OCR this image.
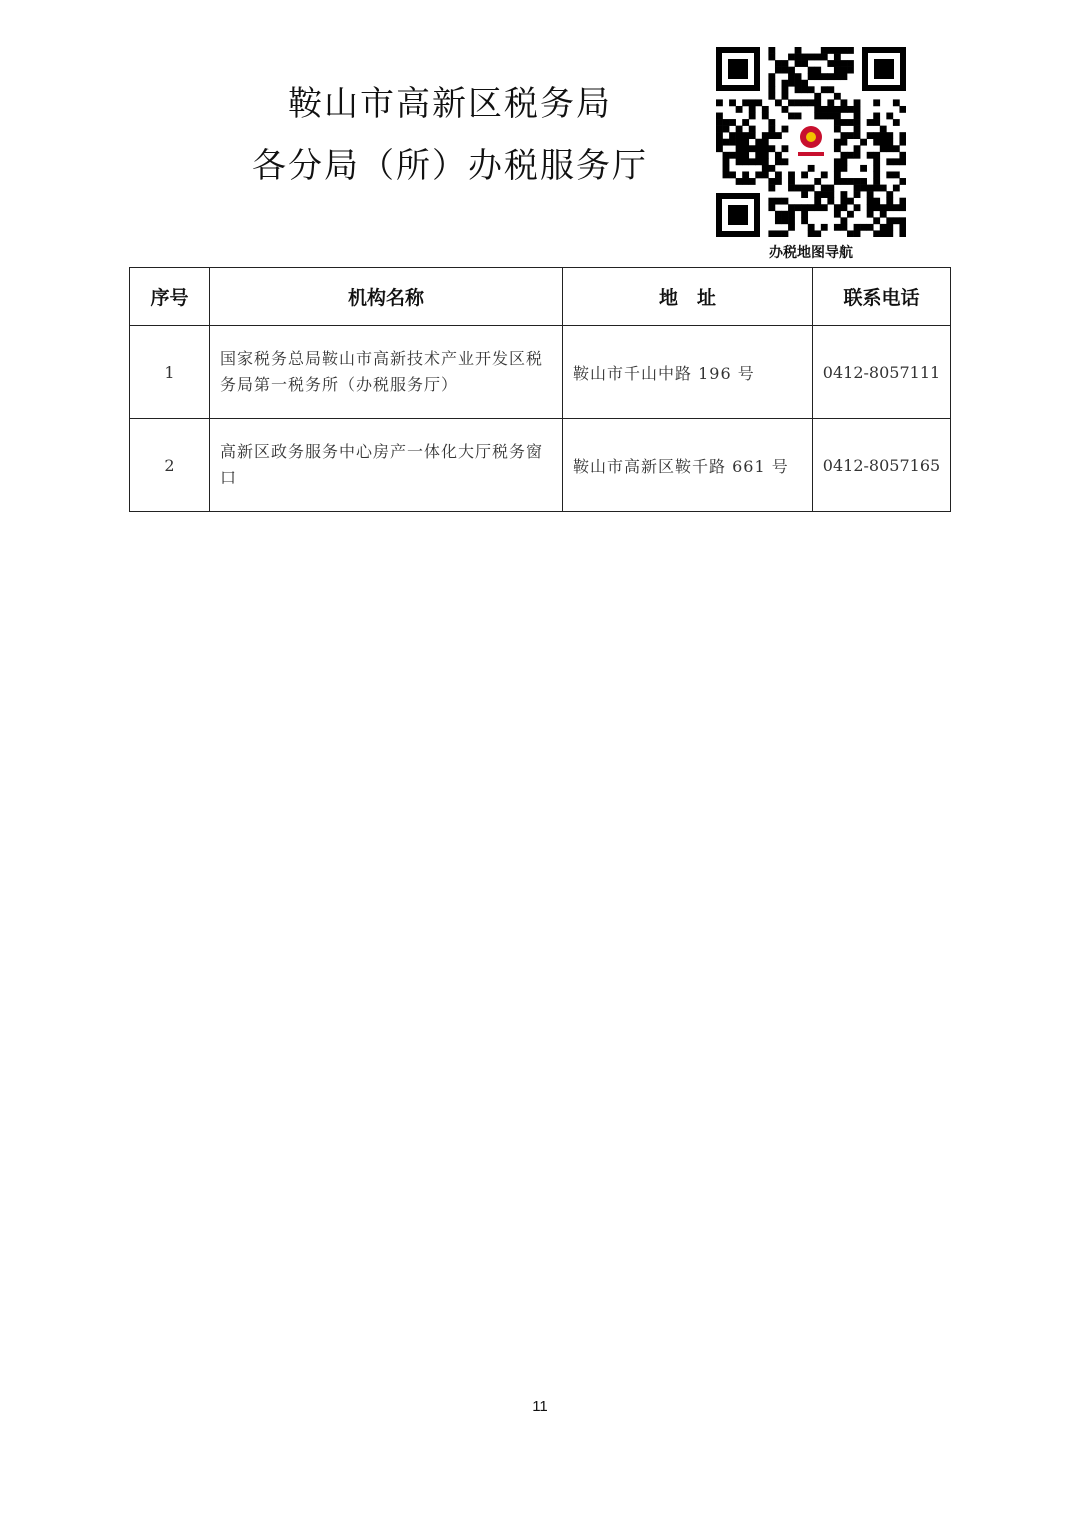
鞍山市高新区税务局
各分局（所）办税服务厅
办税地图导航
序号	机构名称	地　址	联系电话
1	国家税务总局鞍山市高新技术产业开发区税务局第一税务所（办税服务厅）	鞍山市千山中路 196 号	0412-8057111
2	高新区政务服务中心房产一体化大厅税务窗口	鞍山市高新区鞍千路 661 号	0412-8057165
11
